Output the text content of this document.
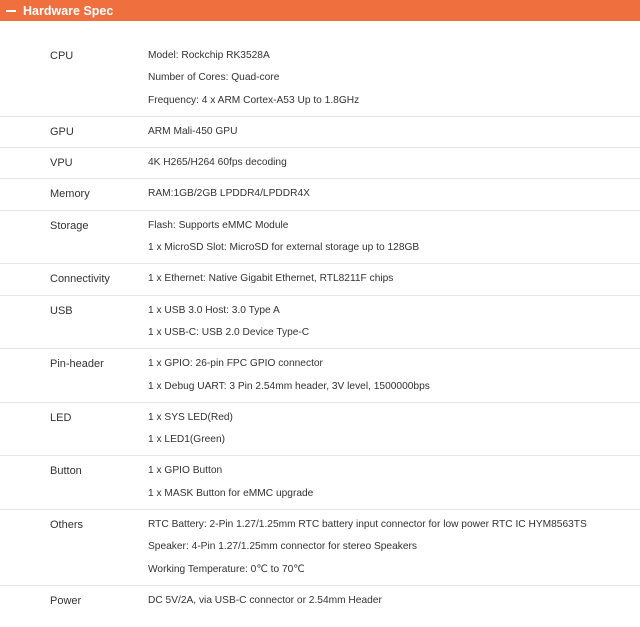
Hardware Spec
CPU	Model: Rockchip RK3528A
Number of Cores: Quad-core
Frequency: 4 x ARM Cortex-A53 Up to 1.8GHz
GPU	ARM Mali-450 GPU
VPU	4K H265/H264 60fps decoding
Memory	RAM:1GB/2GB LPDDR4/LPDDR4X
Storage	Flash: Supports eMMC Module
1 x MicroSD Slot: MicroSD for external storage up to 128GB
Connectivity	1 x Ethernet: Native Gigabit Ethernet, RTL8211F chips
USB	1 x USB 3.0 Host: 3.0 Type A
1 x USB-C: USB 2.0 Device Type-C
Pin-header	1 x GPIO: 26-pin FPC GPIO connector
1 x Debug UART: 3 Pin 2.54mm header, 3V level, 1500000bps
LED	1 x SYS LED(Red)
1 x LED1(Green)
Button	1 x GPIO Button
1 x MASK Button for eMMC upgrade
Others	RTC Battery: 2-Pin 1.27/1.25mm RTC battery input connector for low power RTC IC HYM8563TS
Speaker: 4-Pin 1.27/1.25mm connector for stereo Speakers
Working Temperature: 0℃ to 70℃
Power	DC 5V/2A, via USB-C connector or 2.54mm Header
